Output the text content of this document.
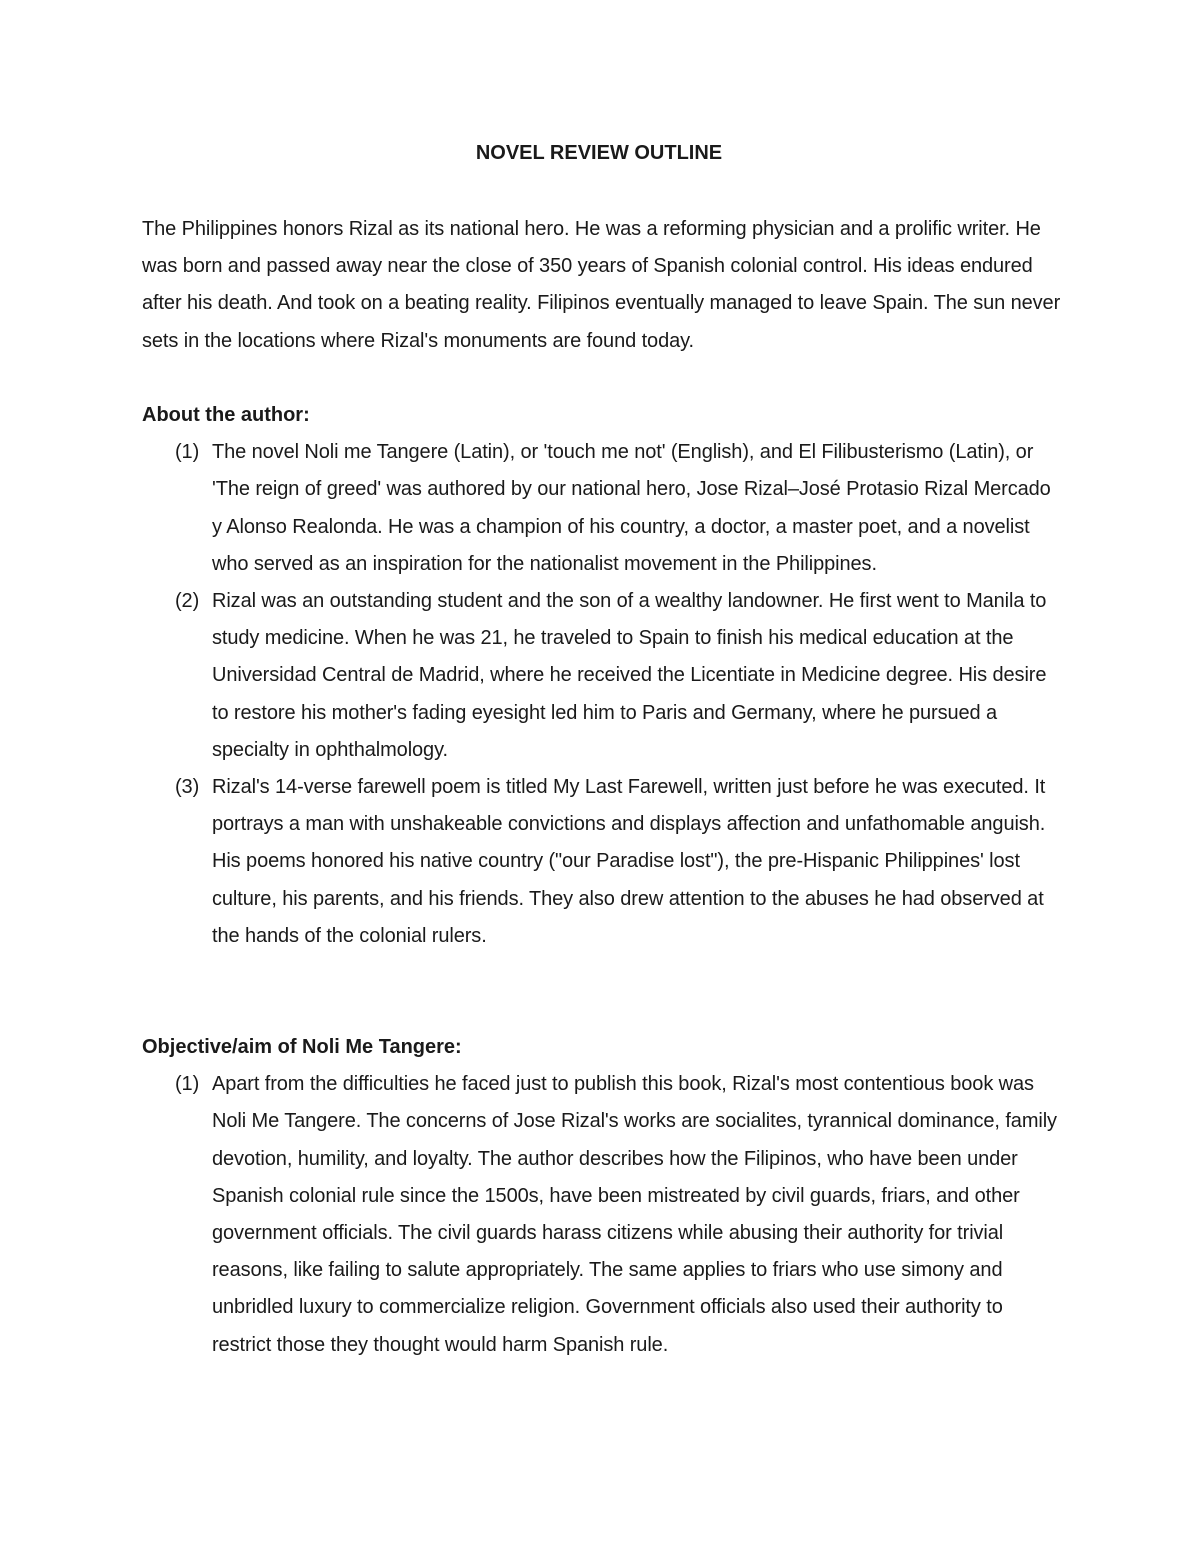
NOVEL REVIEW OUTLINE

The Philippines honors Rizal as its national hero. He was a reforming physician and a prolific writer. He was born and passed away near the close of 350 years of Spanish colonial control. His ideas endured after his death. And took on a beating reality. Filipinos eventually managed to leave Spain. The sun never sets in the locations where Rizal's monuments are found today.

About the author:

(1) The novel Noli me Tangere (Latin), or 'touch me not' (English), and El Filibusterismo (Latin), or 'The reign of greed' was authored by our national hero, Jose Rizal–José Protasio Rizal Mercado y Alonso Realonda. He was a champion of his country, a doctor, a master poet, and a novelist who served as an inspiration for the nationalist movement in the Philippines.
(2) Rizal was an outstanding student and the son of a wealthy landowner. He first went to Manila to study medicine. When he was 21, he traveled to Spain to finish his medical education at the Universidad Central de Madrid, where he received the Licentiate in Medicine degree. His desire to restore his mother's fading eyesight led him to Paris and Germany, where he pursued a specialty in ophthalmology.
(3) Rizal's 14-verse farewell poem is titled My Last Farewell, written just before he was executed. It portrays a man with unshakeable convictions and displays affection and unfathomable anguish. His poems honored his native country ("our Paradise lost"), the pre-Hispanic Philippines' lost culture, his parents, and his friends. They also drew attention to the abuses he had observed at the hands of the colonial rulers.

Objective/aim of Noli Me Tangere:

(1) Apart from the difficulties he faced just to publish this book, Rizal's most contentious book was Noli Me Tangere. The concerns of Jose Rizal's works are socialites, tyrannical dominance, family devotion, humility, and loyalty. The author describes how the Filipinos, who have been under Spanish colonial rule since the 1500s, have been mistreated by civil guards, friars, and other government officials. The civil guards harass citizens while abusing their authority for trivial reasons, like failing to salute appropriately. The same applies to friars who use simony and unbridled luxury to commercialize religion. Government officials also used their authority to restrict those they thought would harm Spanish rule.
